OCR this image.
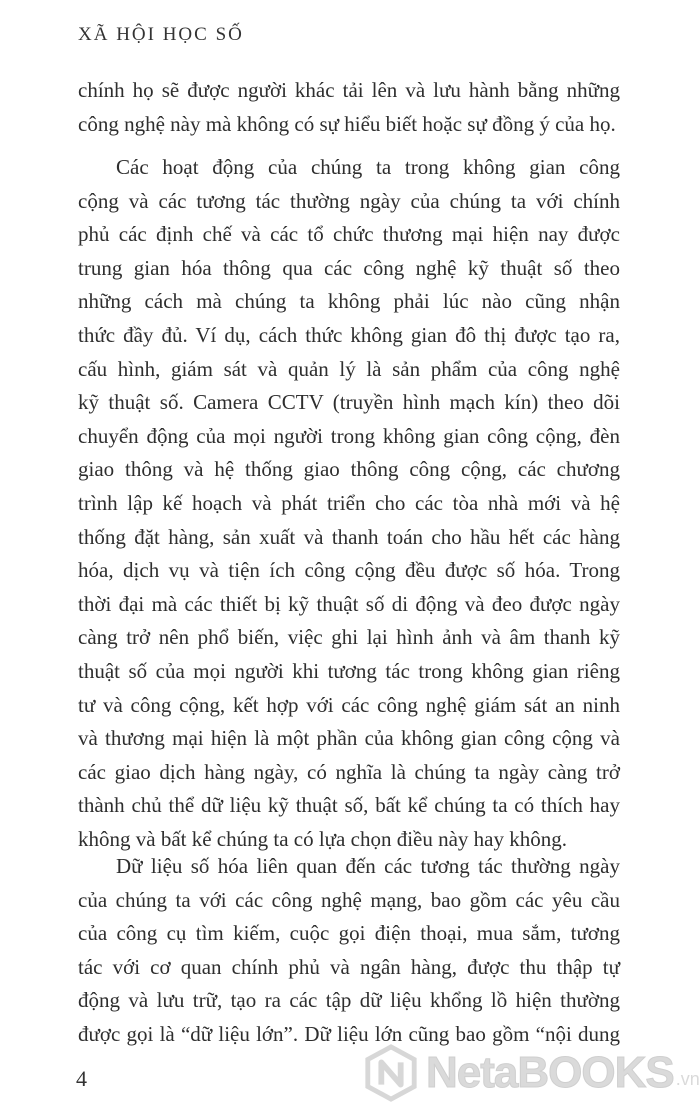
XÃ HỘI HỌC SỐ
chính họ sẽ được người khác tải lên và lưu hành bằng những
công nghệ này mà không có sự hiểu biết hoặc sự đồng ý của họ.
Các hoạt động của chúng ta trong không gian công
cộng và các tương tác thường ngày của chúng ta với chính
phủ các định chế và các tổ chức thương mại hiện nay được
trung gian hóa thông qua các công nghệ kỹ thuật số theo
những cách mà chúng ta không phải lúc nào cũng nhận
thức đầy đủ. Ví dụ, cách thức không gian đô thị được tạo ra,
cấu hình, giám sát và quản lý là sản phẩm của công nghệ
kỹ thuật số. Camera CCTV (truyền hình mạch kín) theo dõi
chuyển động của mọi người trong không gian công cộng, đèn
giao thông và hệ thống giao thông công cộng, các chương
trình lập kế hoạch và phát triển cho các tòa nhà mới và hệ
thống đặt hàng, sản xuất và thanh toán cho hầu hết các hàng
hóa, dịch vụ và tiện ích công cộng đều được số hóa. Trong
thời đại mà các thiết bị kỹ thuật số di động và đeo được ngày
càng trở nên phổ biến, việc ghi lại hình ảnh và âm thanh kỹ
thuật số của mọi người khi tương tác trong không gian riêng
tư và công cộng, kết hợp với các công nghệ giám sát an ninh
và thương mại hiện là một phần của không gian công cộng và
các giao dịch hàng ngày, có nghĩa là chúng ta ngày càng trở
thành chủ thể dữ liệu kỹ thuật số, bất kể chúng ta có thích hay
không và bất kể chúng ta có lựa chọn điều này hay không.
Dữ liệu số hóa liên quan đến các tương tác thường ngày
của chúng ta với các công nghệ mạng, bao gồm các yêu cầu
của công cụ tìm kiếm, cuộc gọi điện thoại, mua sắm, tương
tác với cơ quan chính phủ và ngân hàng, được thu thập tự
động và lưu trữ, tạo ra các tập dữ liệu khổng lồ hiện thường
được gọi là “dữ liệu lớn”. Dữ liệu lớn cũng bao gồm “nội dung
4	NetaBOOKS .vn
